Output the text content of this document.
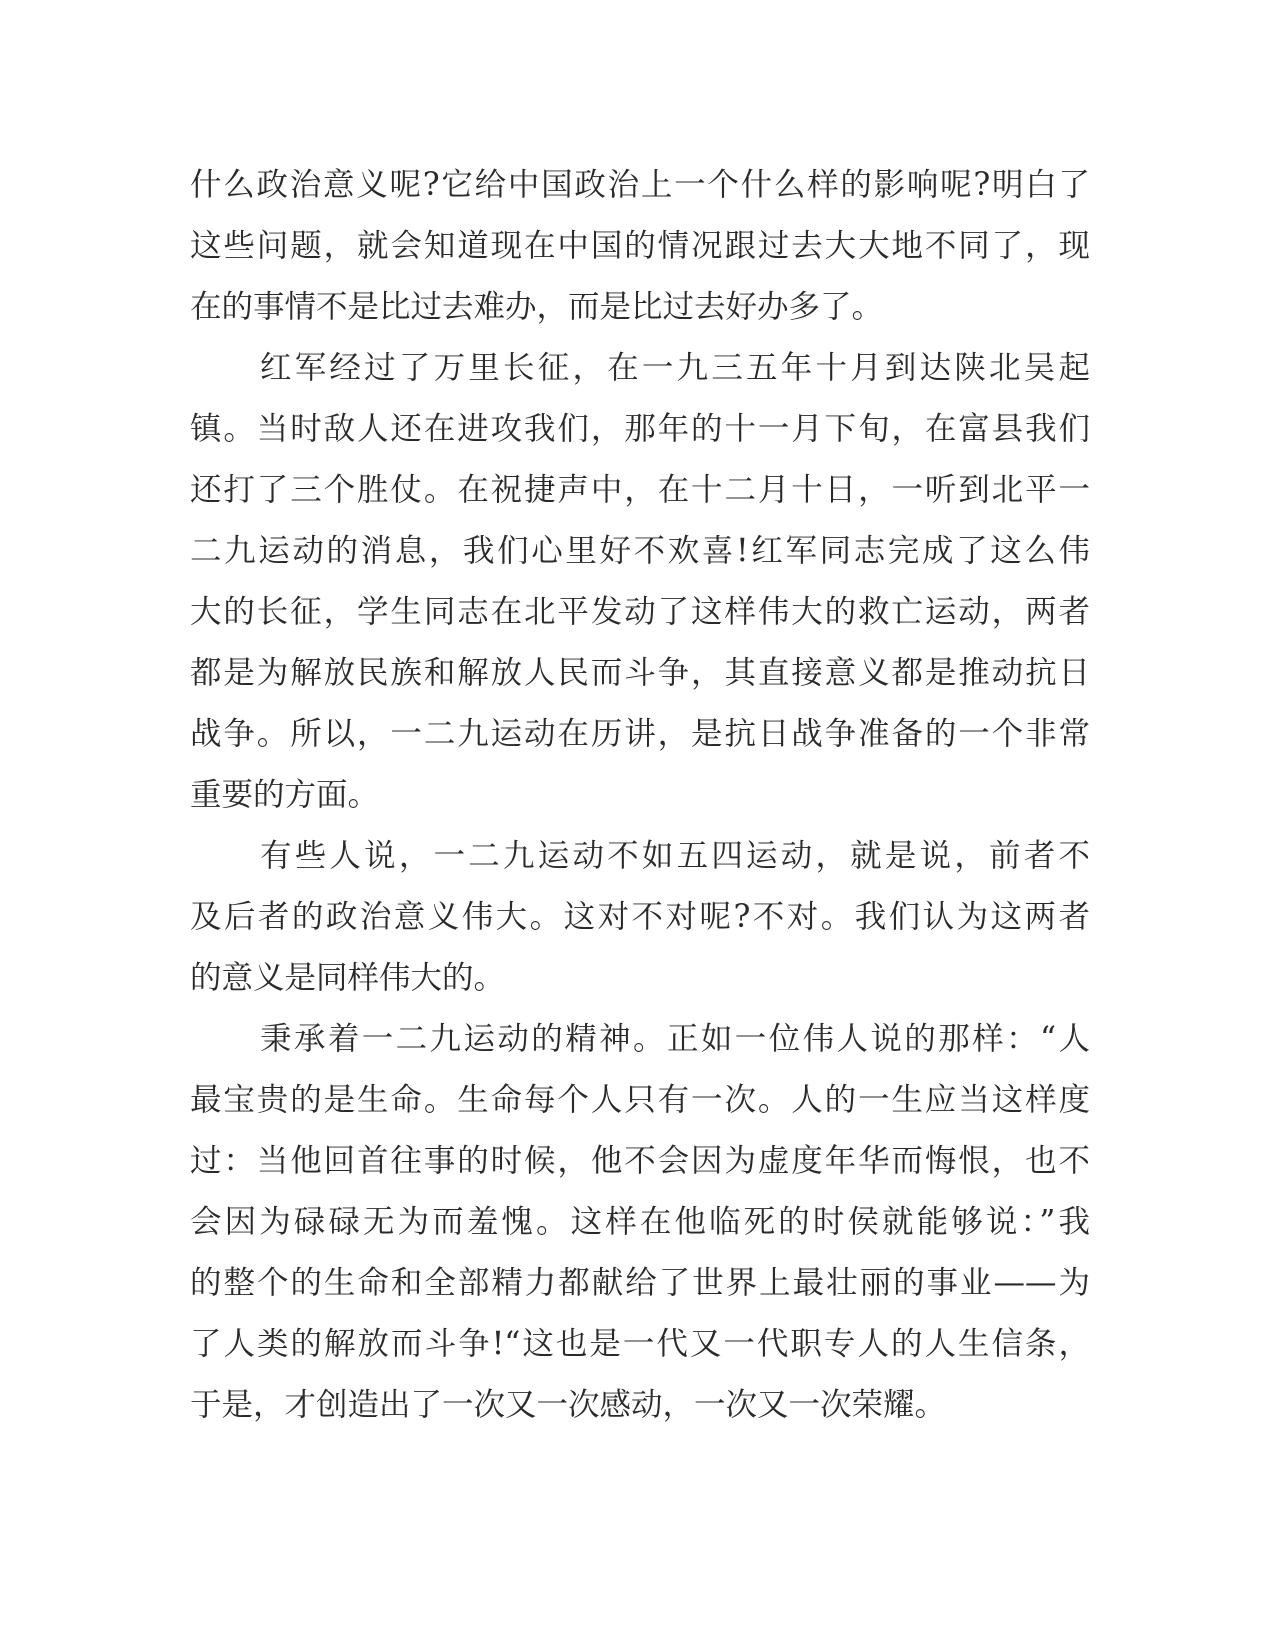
什么政治意义呢?它给中国政治上一个什么样的影响呢?明白了
这些问题，就会知道现在中国的情况跟过去大大地不同了，现
在的事情不是比过去难办，而是比过去好办多了。
红军经过了万里长征，在一九三五年十月到达陕北吴起
镇。当时敌人还在进攻我们，那年的十一月下旬，在富县我们
还打了三个胜仗。在祝捷声中，在十二月十日，一听到北平一
二九运动的消息，我们心里好不欢喜!红军同志完成了这么伟
大的长征，学生同志在北平发动了这样伟大的救亡运动，两者
都是为解放民族和解放人民而斗争，其直接意义都是推动抗日
战争。所以，一二九运动在历讲，是抗日战争准备的一个非常
重要的方面。
有些人说，一二九运动不如五四运动，就是说，前者不
及后者的政治意义伟大。这对不对呢?不对。我们认为这两者
的意义是同样伟大的。
秉承着一二九运动的精神。正如一位伟人说的那样：“人
最宝贵的是生命。生命每个人只有一次。人的一生应当这样度
过：当他回首往事的时候，他不会因为虚度年华而悔恨，也不
会因为碌碌无为而羞愧。这样在他临死的时侯就能够说：”我
的整个的生命和全部精力都献给了世界上最壮丽的事业——为
了人类的解放而斗争!“这也是一代又一代职专人的人生信条，
于是，才创造出了一次又一次感动，一次又一次荣耀。
